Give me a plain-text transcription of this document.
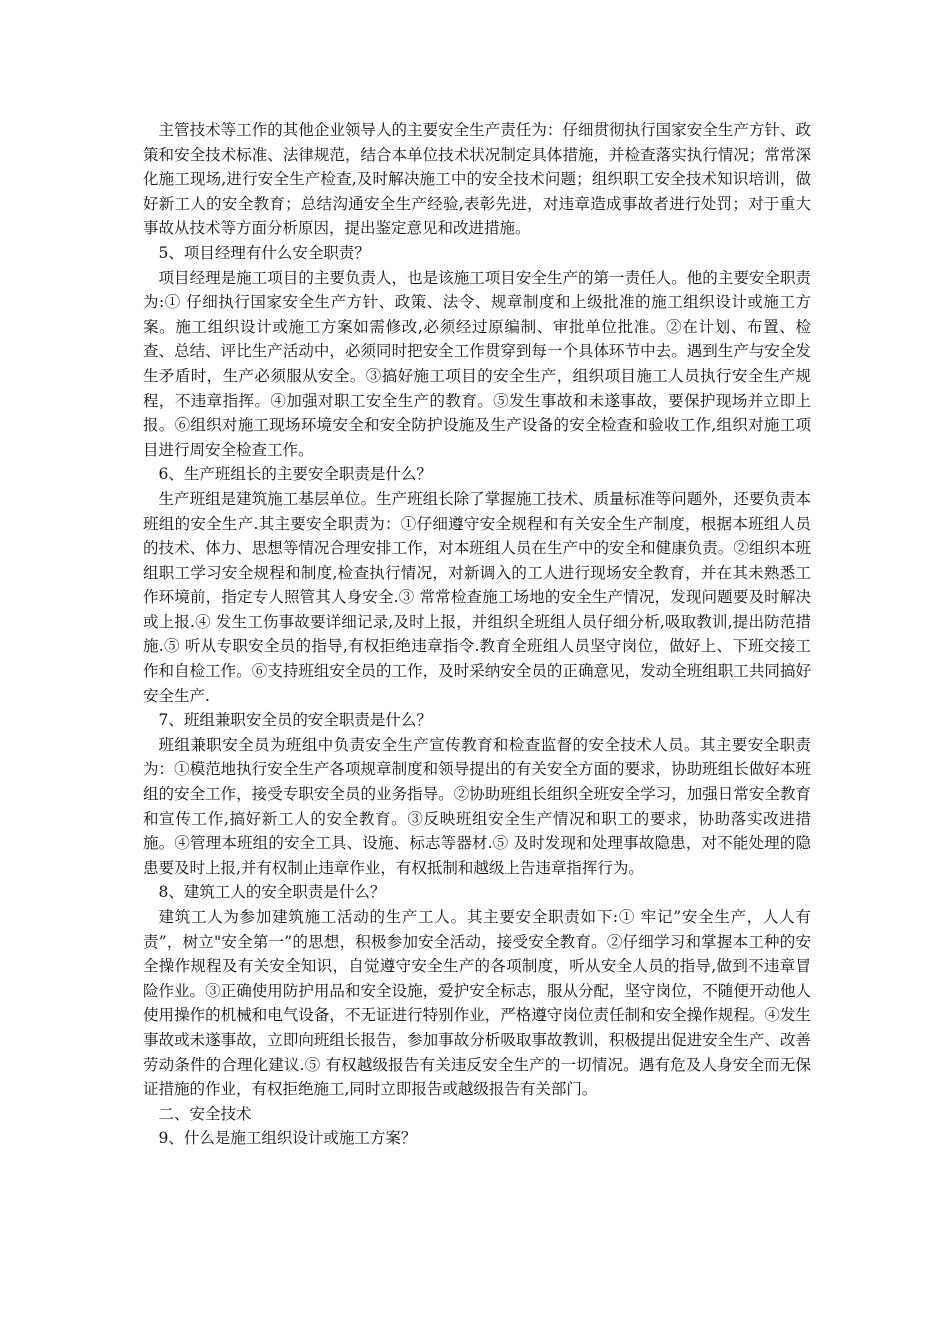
主管技术等工作的其他企业领导人的主要安全生产责任为：仔细贯彻执行国家安全生产方针、政策和安全技术标准、法律规范，结合本单位技术状况制定具体措施，并检查落实执行情况；常常深化施工现场,进行安全生产检查,及时解决施工中的安全技术问题；组织职工安全技术知识培训，做好新工人的安全教育；总结沟通安全生产经验,表彰先进，对违章造成事故者进行处罚；对于重大事故从技术等方面分析原因，提出鉴定意见和改进措施。

5、项目经理有什么安全职责？

项目经理是施工项目的主要负责人，也是该施工项目安全生产的第一责任人。他的主要安全职责为:① 仔细执行国家安全生产方针、政策、法令、规章制度和上级批准的施工组织设计或施工方案。施工组织设计或施工方案如需修改,必须经过原编制、审批单位批准。②在计划、布置、检查、总结、评比生产活动中，必须同时把安全工作贯穿到每一个具体环节中去。遇到生产与安全发生矛盾时，生产必须服从安全。③搞好施工项目的安全生产，组织项目施工人员执行安全生产规程，不违章指挥。④加强对职工安全生产的教育。⑤发生事故和未遂事故，要保护现场并立即上报。⑥组织对施工现场环境安全和安全防护设施及生产设备的安全检查和验收工作,组织对施工项目进行周安全检查工作。

6、生产班组长的主要安全职责是什么？

生产班组是建筑施工基层单位。生产班组长除了掌握施工技术、质量标准等问题外，还要负责本班组的安全生产.其主要安全职责为：①仔细遵守安全规程和有关安全生产制度，根据本班组人员的技术、体力、思想等情况合理安排工作，对本班组人员在生产中的安全和健康负责。②组织本班组职工学习安全规程和制度,检查执行情况，对新调入的工人进行现场安全教育，并在其未熟悉工作环境前，指定专人照管其人身安全.③ 常常检查施工场地的安全生产情况，发现问题要及时解决或上报.④ 发生工伤事故要详细记录,及时上报，并组织全班组人员仔细分析,吸取教训,提出防范措施.⑤ 听从专职安全员的指导,有权拒绝违章指令.教育全班组人员坚守岗位，做好上、下班交接工作和自检工作。⑥支持班组安全员的工作，及时采纳安全员的正确意见，发动全班组职工共同搞好安全生产.

7、班组兼职安全员的安全职责是什么？

班组兼职安全员为班组中负责安全生产宣传教育和检查监督的安全技术人员。其主要安全职责为：①模范地执行安全生产各项规章制度和领导提出的有关安全方面的要求，协助班组长做好本班组的安全工作，接受专职安全员的业务指导。②协助班组长组织全班安全学习，加强日常安全教育和宣传工作,搞好新工人的安全教育。③反映班组安全生产情况和职工的要求，协助落实改进措施。④管理本班组的安全工具、设施、标志等器材.⑤ 及时发现和处理事故隐患，对不能处理的隐患要及时上报,并有权制止违章作业，有权抵制和越级上告违章指挥行为。

8、建筑工人的安全职责是什么？

建筑工人为参加建筑施工活动的生产工人。其主要安全职责如下:① 牢记”安全生产，人人有责”，树立"安全第一”的思想，积极参加安全活动，接受安全教育。②仔细学习和掌握本工种的安全操作规程及有关安全知识，自觉遵守安全生产的各项制度，听从安全人员的指导,做到不违章冒险作业。③正确使用防护用品和安全设施，爱护安全标志，服从分配，坚守岗位，不随便开动他人使用操作的机械和电气设备，不无证进行特别作业，严格遵守岗位责任制和安全操作规程。④发生事故或未遂事故，立即向班组长报告，参加事故分析吸取事故教训，积极提出促进安全生产、改善劳动条件的合理化建议.⑤ 有权越级报告有关违反安全生产的一切情况。遇有危及人身安全而无保证措施的作业，有权拒绝施工,同时立即报告或越级报告有关部门。

二、安全技术

9、什么是施工组织设计或施工方案？
